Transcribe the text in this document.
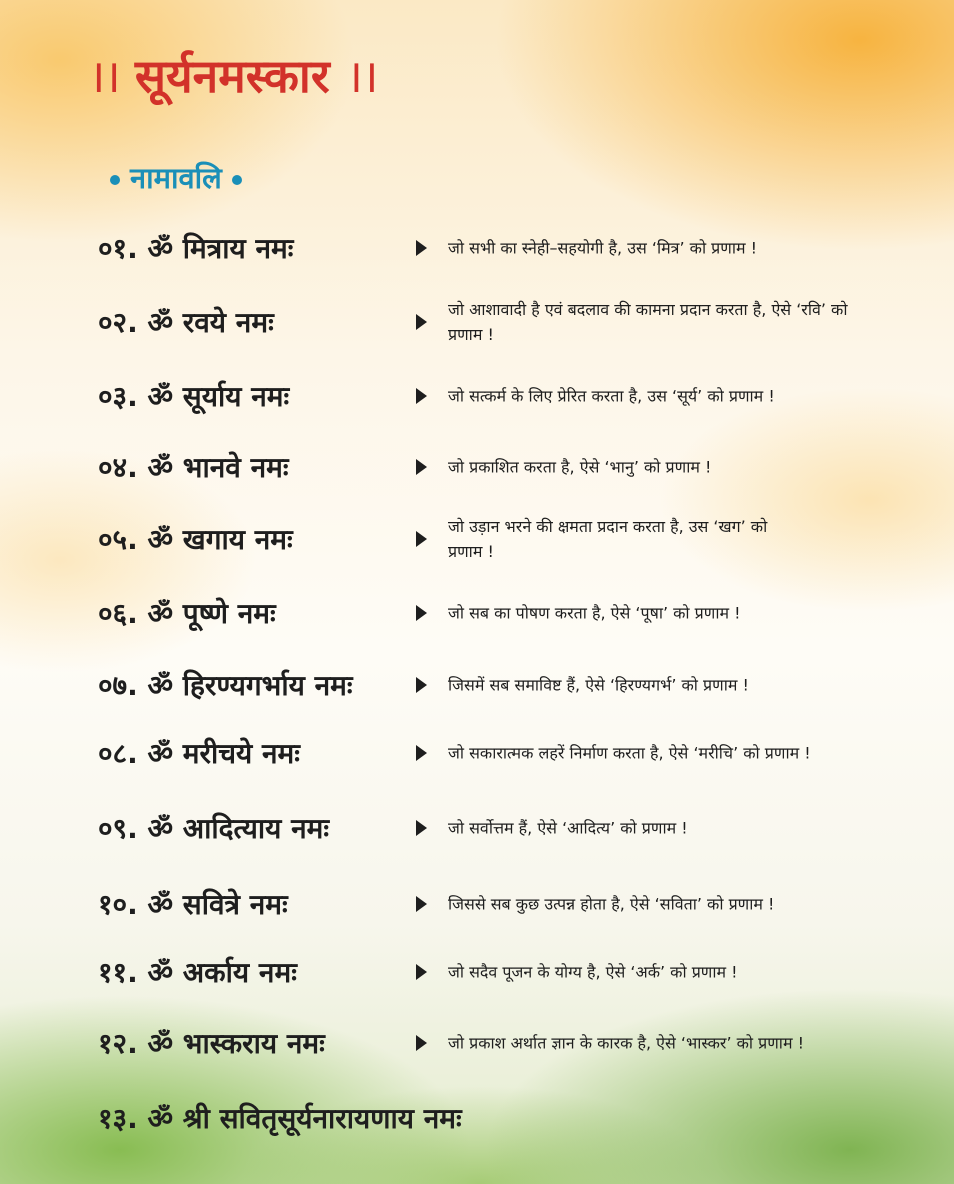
।। सूर्यनमस्कार ।।
नामावलि
०१. ॐ मित्राय नमः	जो सभी का स्नेही–सहयोगी है, उस ‘मित्र’ को प्रणाम !
०२. ॐ रवये नमः	जो आशावादी है एवं बदलाव की कामना प्रदान करता है, ऐसे ‘रवि’ को प्रणाम !
०३. ॐ सूर्याय नमः	जो सत्कर्म के लिए प्रेरित करता है, उस ‘सूर्य’ को प्रणाम !
०४. ॐ भानवे नमः	जो प्रकाशित करता है, ऐसे ‘भानु’ को प्रणाम !
०५. ॐ खगाय नमः	जो उड़ान भरने की क्षमता प्रदान करता है, उस ‘खग’ को प्रणाम !
०६. ॐ पूष्णे नमः	जो सब का पोषण करता है, ऐसे ‘पूषा’ को प्रणाम !
०७. ॐ हिरण्यगर्भाय नमः	जिसमें सब समाविष्ट हैं, ऐसे ‘हिरण्यगर्भ’ को प्रणाम !
०८. ॐ मरीचये नमः	जो सकारात्मक लहरें निर्माण करता है, ऐसे ‘मरीचि’ को प्रणाम !
०९. ॐ आदित्याय नमः	जो सर्वोत्तम हैं, ऐसे ‘आदित्य’ को प्रणाम !
१०. ॐ सवित्रे नमः	जिससे सब कुछ उत्पन्न होता है, ऐसे ‘सविता’ को प्रणाम !
११. ॐ अर्काय नमः	जो सदैव पूजन के योग्य है, ऐसे ‘अर्क’ को प्रणाम !
१२. ॐ भास्कराय नमः	जो प्रकाश अर्थात ज्ञान के कारक है, ऐसे ‘भास्कर’ को प्रणाम !
१३. ॐ श्री सवितृसूर्यनारायणाय नमः
